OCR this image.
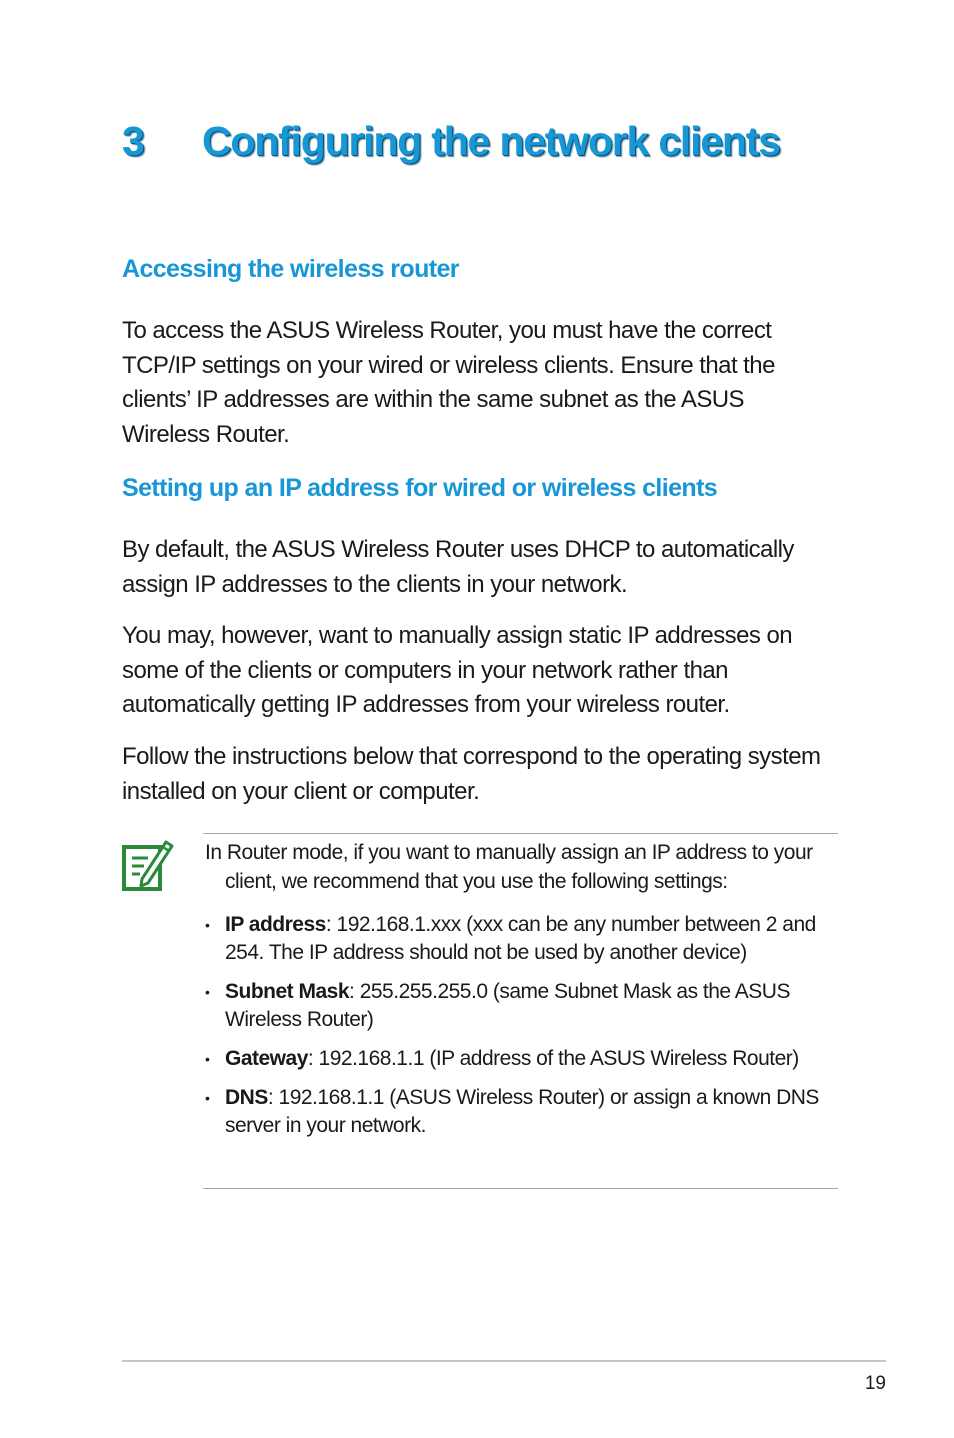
3 Configuring the network clients
Accessing the wireless router

To access the ASUS Wireless Router, you must have the correct TCP/IP settings on your wired or wireless clients. Ensure that the clients’ IP addresses are within the same subnet as the ASUS Wireless Router.

Setting up an IP address for wired or wireless clients

By default, the ASUS Wireless Router uses DHCP to automatically assign IP addresses to the clients in your network.

You may, however, want to manually assign static IP addresses on some of the clients or computers in your network rather than automatically getting IP addresses from your wireless router.

Follow the instructions below that correspond to the operating system installed on your client or computer.

In Router mode, if you want to manually assign an IP address to your client, we recommend that you use the following settings:

• IP address: 192.168.1.xxx (xxx can be any number between 2 and 254. The IP address should not be used by another device)
• Subnet Mask: 255.255.255.0 (same Subnet Mask as the ASUS Wireless Router)
• Gateway: 192.168.1.1 (IP address of the ASUS Wireless Router)
• DNS: 192.168.1.1 (ASUS Wireless Router) or assign a known DNS server in your network.
19
